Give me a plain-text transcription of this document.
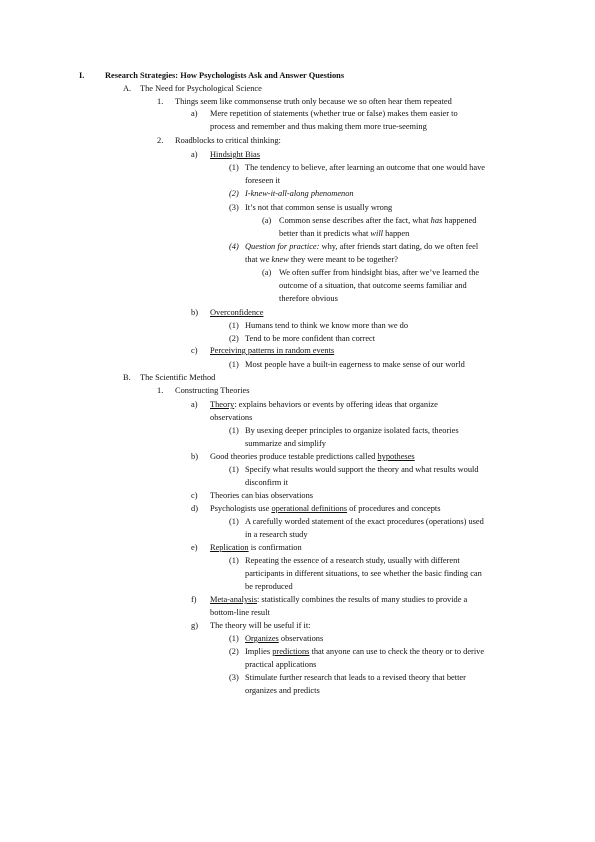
I. Research Strategies: How Psychologists Ask and Answer Questions
A. The Need for Psychological Science
1. Things seem like commonsense truth only because we so often hear them repeated
a) Mere repetition of statements (whether true or false) makes them easier to
process and remember and thus making them more true-seeming
2. Roadblocks to critical thinking:
a) Hindsight Bias
(1) The tendency to believe, after learning an outcome that one would have
foreseen it
(2) I-knew-it-all-along phenomenon
(3) It’s not that common sense is usually wrong
(a) Common sense describes after the fact, what has happened
better than it predicts what will happen
(4) Question for practice: why, after friends start dating, do we often feel
that we knew they were meant to be together?
(a) We often suffer from hindsight bias, after we’ve learned the
outcome of a situation, that outcome seems familiar and
therefore obvious
b) Overconfidence
(1) Humans tend to think we know more than we do
(2) Tend to be more confident than correct
c) Perceiving patterns in random events
(1) Most people have a built-in eagerness to make sense of our world
B. The Scientific Method
1. Constructing Theories
a) Theory: explains behaviors or events by offering ideas that organize
observations
(1) By usexing deeper principles to organize isolated facts, theories
summarize and simplify
b) Good theories produce testable predictions called hypotheses
(1) Specify what results would support the theory and what results would
disconfirm it
c) Theories can bias observations
d) Psychologists use operational definitions of procedures and concepts
(1) A carefully worded statement of the exact procedures (operations) used
in a research study
e) Replication is confirmation
(1) Repeating the essence of a research study, usually with different
participants in different situations, to see whether the basic finding can
be reproduced
f) Meta-analysis: statistically combines the results of many studies to provide a
bottom-line result
g) The theory will be useful if it:
(1) Organizes observations
(2) Implies predictions that anyone can use to check the theory or to derive
practical applications
(3) Stimulate further research that leads to a revised theory that better
organizes and predicts
